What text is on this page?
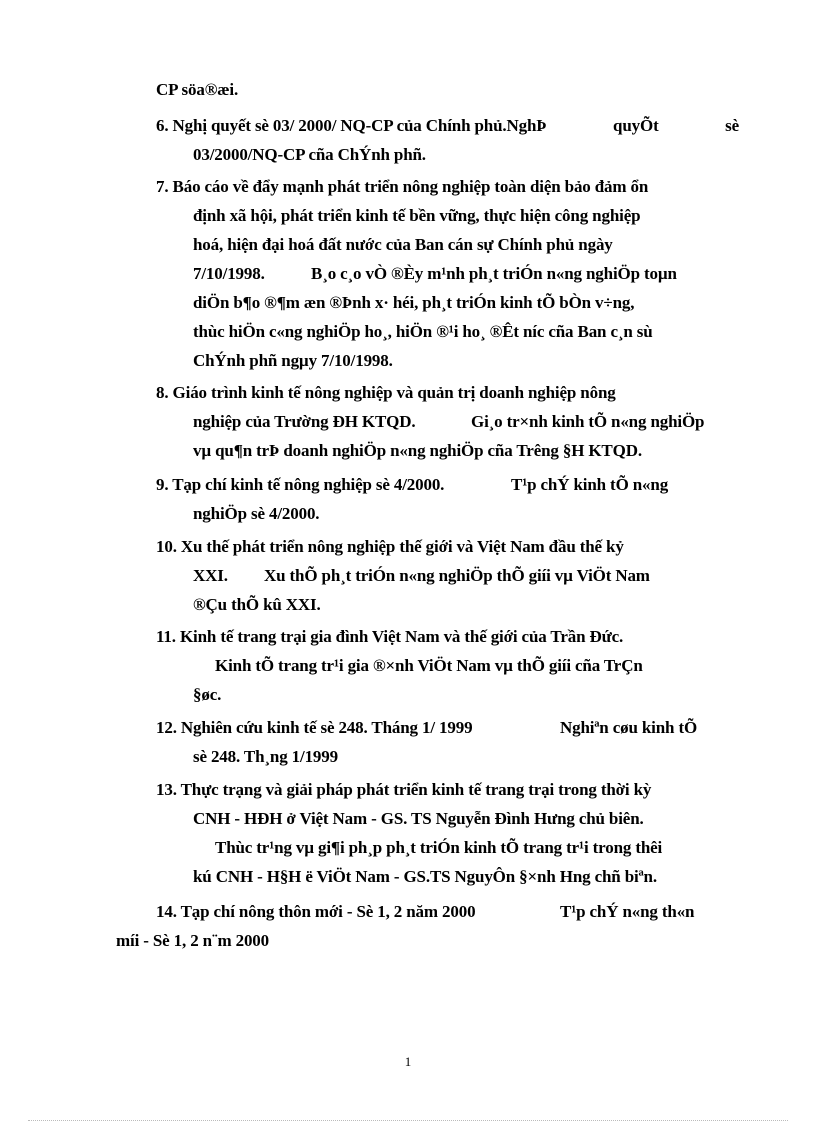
CP söa®æi.
6. Nghị quyết sè 03/ 2000/ NQ-CP của Chính phủ.NghÞ	quyÕt	sè
03/2000/NQ-CP cña ChÝnh phñ.
7. Báo cáo về đẩy mạnh phát triển nông nghiệp toàn diện bảo đảm ổn
định xã hội, phát triển kinh tế bền vững, thực hiện công nghiệp
hoá, hiện đại hoá đất nước của Ban cán sự Chính phủ ngày
7/10/1998.	B¸o c¸o vÒ ®Èy m¹nh ph¸t triÓn n«ng nghiÖp toµn
diÖn b¶o ®¶m æn ®Þnh x· héi, ph¸t triÓn kinh tÕ bÒn v÷ng,
thùc hiÖn c«ng nghiÖp ho¸, hiÖn ®¹i ho¸ ®Êt níc cña Ban c¸n sù
ChÝnh phñ ngµy 7/10/1998.
8. Giáo trình kinh tế nông nghiệp và quản trị doanh nghiệp nông
nghiệp của Trường ĐH KTQD.	Gi¸o tr×nh kinh tÕ n«ng nghiÖp
vµ qu¶n trÞ doanh nghiÖp n«ng nghiÖp cña Trêng §H KTQD.
9. Tạp chí kinh tế nông nghiệp sè 4/2000.	T¹p chÝ kinh tÕ n«ng
nghiÖp sè 4/2000.
10. Xu thế phát triển nông nghiệp thế giới và Việt Nam đầu thế kỷ
XXI. Xu thÕ ph¸t triÓn n«ng nghiÖp thÕ giíi vµ ViÖt Nam
®Çu thÕ kû XXI.
11. Kinh tế trang trại gia đình Việt Nam và thế giới của Trần Đức.
Kinh tÕ trang tr¹i gia ®×nh ViÖt Nam vµ thÕ giíi cña TrÇn
§øc.
12. Nghiên cứu kinh tế sè 248. Tháng 1/ 1999	Nghiªn cøu kinh tÕ
sè 248. Th¸ng 1/1999
13. Thực trạng và giải pháp phát triển kinh tế trang trại trong thời kỳ
CNH - HĐH ở Việt Nam - GS. TS Nguyễn Đình Hưng chủ biên.
Thùc tr¹ng vµ gi¶i ph¸p ph¸t triÓn kinh tÕ trang tr¹i trong thêi
kú CNH - H§H ë ViÖt Nam - GS.TS NguyÔn §×nh Hng chñ biªn.
14. Tạp chí nông thôn mới - Sè 1, 2 năm 2000	T¹p chÝ n«ng th«n
míi - Sè 1, 2 n¨m 2000
1
